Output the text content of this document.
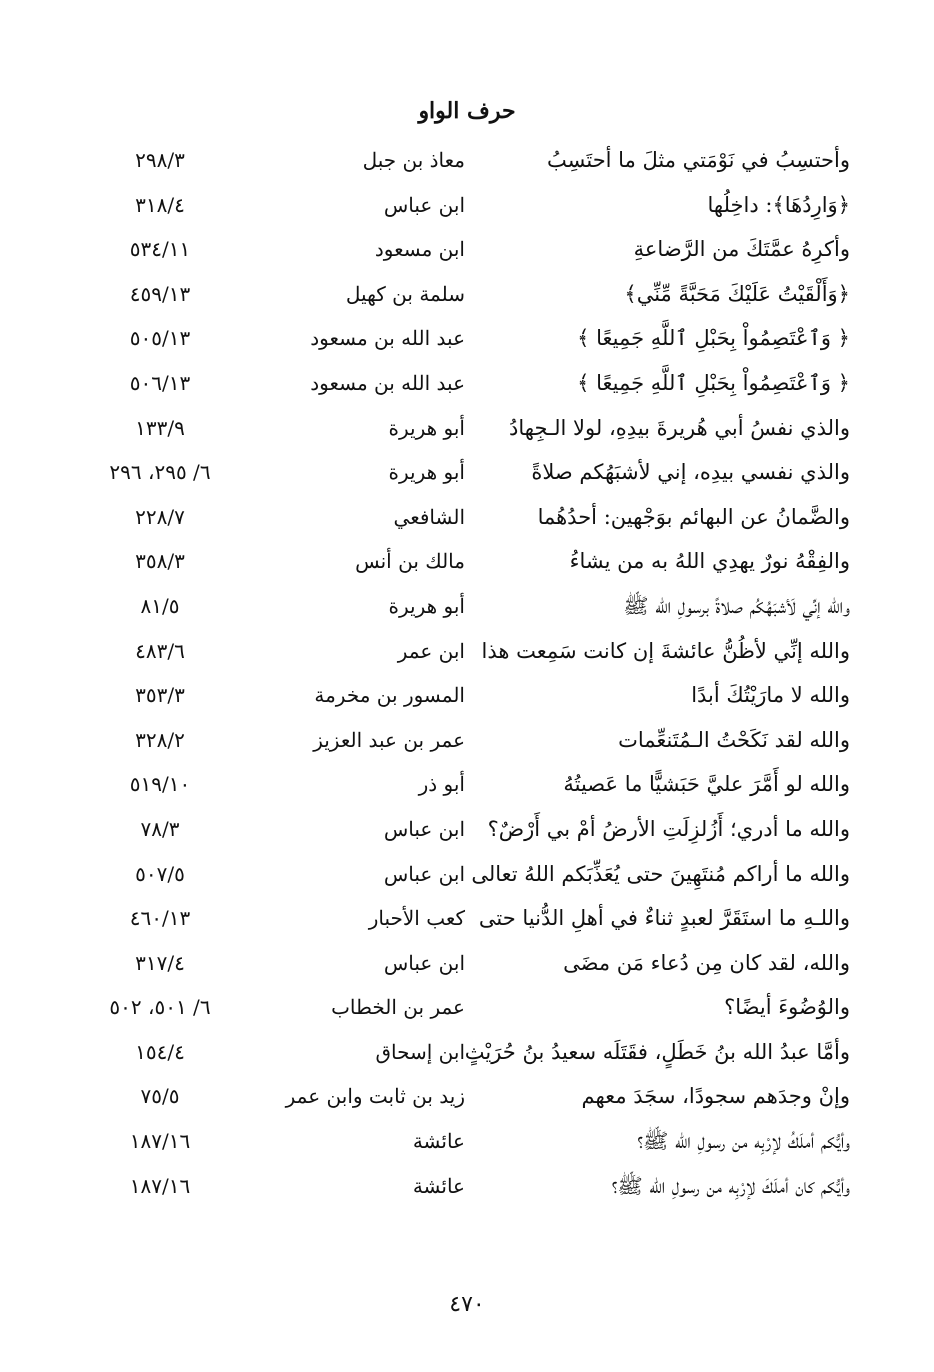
حرف الواو
وأحتسِبُ في نَوْمَتي مثلَ ما أحتَسِبُ
معاذ بن جبل
٢٩٨/٣
﴿وَارِدُهَا﴾: داخِلُها
ابن عباس
٣١٨/٤
وأكرِهُ عمَّتَكَ من الرَّضاعةِ
ابن مسعود
٥٣٤/١١
﴿وَأَلْقَيْتُ عَلَيْكَ مَحَبَّةً مِّنِّي﴾
سلمة بن كهيل
٤٥٩/١٣
﴿ وَٱعْتَصِمُواْ بِحَبْلِ ٱللَّهِ جَمِيعًا ﴾
عبد الله بن مسعود
٥٠٥/١٣
﴿ وَٱعْتَصِمُواْ بِحَبْلِ ٱللَّهِ جَمِيعًا ﴾
عبد الله بن مسعود
٥٠٦/١٣
والذي نفسُ أبي هُريرةَ بيدِهِ، لولا الـجِهادُ
أبو هريرة
١٣٣/٩
والذي نفسي بيدِه، إني لأشبَهُكم صلاةً
أبو هريرة
٦/ ٢٩٥، ٢٩٦
والضَّمانُ عن البهائم بوَجْهين: أحدُهُما
الشافعي
٢٢٨/٧
والفِقْهُ نورٌ يهدِي اللهُ به من يشاءُ
مالك بن أنس
٣٥٨/٣
والله إنِّي لَأشبَهُكُم صلاةً برسولِ الله ﷺ
أبو هريرة
٨١/٥
والله إنِّي لأظُنُّ عائشةَ إن كانت سَمِعت هذا
ابن عمر
٤٨٣/٦
والله لا مارَيْتُكَ أبدًا
المسور بن مخرمة
٣٥٣/٣
والله لقد نَكَحْتُ الـمُتَنعِّمات
عمر بن عبد العزيز
٣٢٨/٢
والله لو أَمَّرَ عليَّ حَبَشيًّا ما عَصيتُهُ
أبو ذر
٥١٩/١٠
والله ما أدري؛ أَزُلزِلَتِ الأرضُ أمْ بي أَرْضٌ؟
ابن عباس
٧٨/٣
والله ما أراكم مُنتَهِينَ حتى يُعَذِّبَكم اللهُ تعالى
ابن عباس
٥٠٧/٥
واللـهِ ما استَقَرَّ لعبدٍ ثناءٌ في أهلِ الدُّنيا حتى
كعب الأحبار
٤٦٠/١٣
والله، لقد كان مِن دُعاء مَن مضَى
ابن عباس
٣١٧/٤
والوُضُوءَ أيضًا؟
عمر بن الخطاب
٦/ ٥٠١، ٥٠٢
وأمَّا عبدُ الله بنُ خَطَلٍ، فقَتَلَه سعيدُ بنُ حُرَيْثٍ
ابن إسحاق
١٥٤/٤
وإنْ وجدَهم سجودًا، سجَدَ معهم
زيد بن ثابت وابن عمر
٧٥/٥
وأيُّكم أملَكُ لإرْبِه من رسولِ الله ﷺ؟
عائشة
١٨٧/١٦
وأيُّكم كان أملَكَ لإرْبِه من رسولِ الله ﷺ؟
عائشة
١٨٧/١٦
٤٧٠
